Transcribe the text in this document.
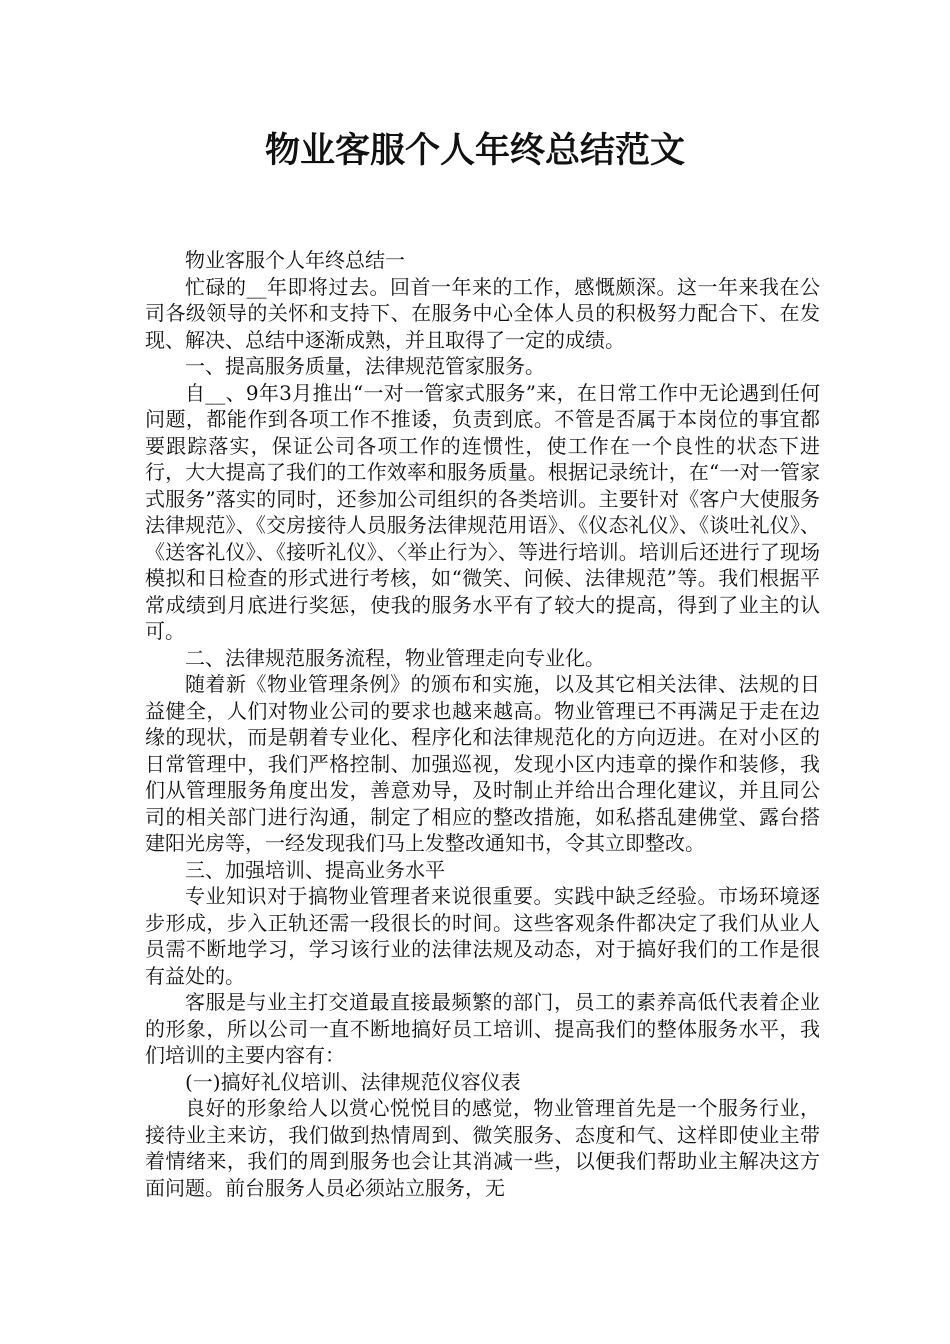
物业客服个人年终总结范文

物业客服个人年终总结一

忙碌的__年即将过去。回首一年来的工作，感慨颇深。这一年来我在公司各级领导的关怀和支持下、在服务中心全体人员的积极努力配合下、在发现、解决、总结中逐渐成熟，并且取得了一定的成绩。

一、提高服务质量，法律规范管家服务。

自__、9年3月推出“一对一管家式服务”来，在日常工作中无论遇到任何问题，都能作到各项工作不推诿，负责到底。不管是否属于本岗位的事宜都要跟踪落实，保证公司各项工作的连惯性，使工作在一个良性的状态下进行，大大提高了我们的工作效率和服务质量。根据记录统计，在“一对一管家式服务”落实的同时，还参加公司组织的各类培训。主要针对《客户大使服务法律规范》、《交房接待人员服务法律规范用语》、《仪态礼仪》、《谈吐礼仪》、《送客礼仪》、《接听礼仪》、〈举止行为〉、等进行培训。培训后还进行了现场模拟和日检查的形式进行考核，如“微笑、问候、法律规范”等。我们根据平常成绩到月底进行奖惩，使我的服务水平有了较大的提高，得到了业主的认可。

二、法律规范服务流程，物业管理走向专业化。

随着新《物业管理条例》的颁布和实施，以及其它相关法律、法规的日益健全，人们对物业公司的要求也越来越高。物业管理已不再满足于走在边缘的现状，而是朝着专业化、程序化和法律规范化的方向迈进。在对小区的日常管理中，我们严格控制、加强巡视，发现小区内违章的操作和装修，我们从管理服务角度出发，善意劝导，及时制止并给出合理化建议，并且同公司的相关部门进行沟通，制定了相应的整改措施，如私搭乱建佛堂、露台搭建阳光房等，一经发现我们马上发整改通知书，令其立即整改。

三、加强培训、提高业务水平

专业知识对于搞物业管理者来说很重要。实践中缺乏经验。市场环境逐步形成，步入正轨还需一段很长的时间。这些客观条件都决定了我们从业人员需不断地学习，学习该行业的法律法规及动态，对于搞好我们的工作是很有益处的。

客服是与业主打交道最直接最频繁的部门，员工的素养高低代表着企业的形象，所以公司一直不断地搞好员工培训、提高我们的整体服务水平，我们培训的主要内容有：

(一)搞好礼仪培训、法律规范仪容仪表

良好的形象给人以赏心悦悦目的感觉，物业管理首先是一个服务行业，接待业主来访，我们做到热情周到、微笑服务、态度和气、这样即使业主带着情绪来，我们的周到服务也会让其消减一些，以便我们帮助业主解决这方面问题。前台服务人员必须站立服务，无
